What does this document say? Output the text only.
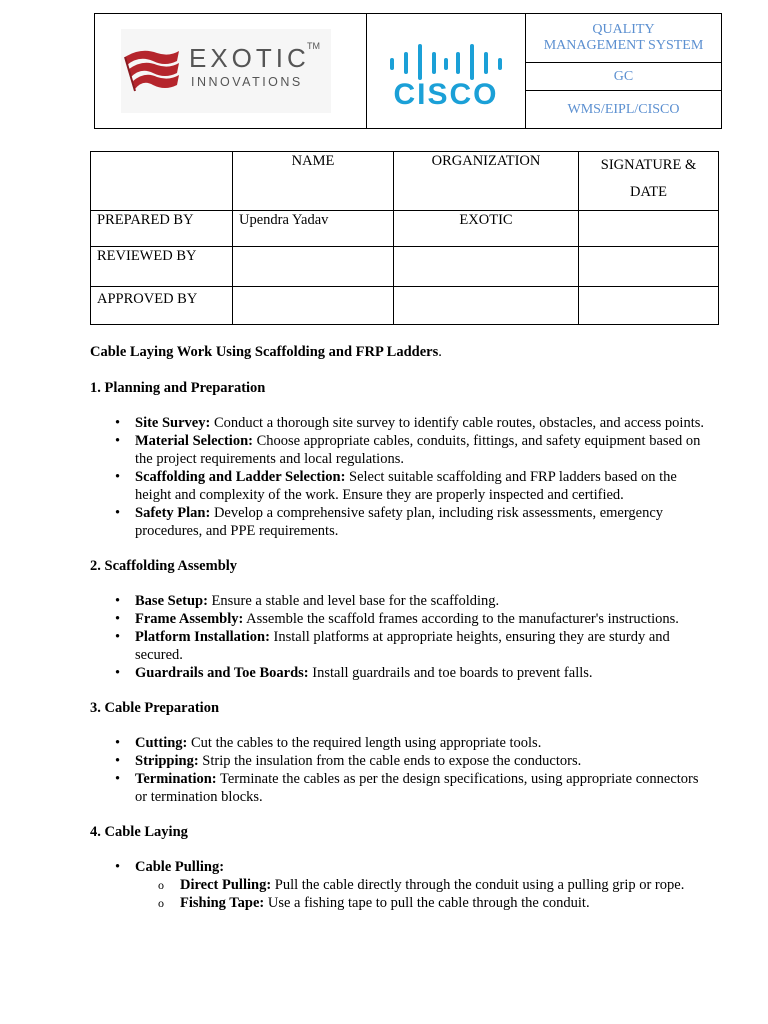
EXOTIC
TM
INNOVATIONS	CISCO

QUALITY
MANAGEMENT SYSTEM

GC
WMS/EIPL/CISCO
	NAME	ORGANIZATION	SIGNATURE &
DATE

PREPARED BY	Upendra Yadav	EXOTIC	
REVIEWED BY			
APPROVED BY			

Cable Laying Work Using Scaffolding and FRP Ladders.

1. Planning and Preparation
• Site Survey: Conduct a thorough site survey to identify cable routes, obstacles, and access points.
• Material Selection: Choose appropriate cables, conduits, fittings, and safety equipment based on the project requirements and local regulations.
• Scaffolding and Ladder Selection: Select suitable scaffolding and FRP ladders based on the height and complexity of the work. Ensure they are properly inspected and certified.
• Safety Plan: Develop a comprehensive safety plan, including risk assessments, emergency procedures, and PPE requirements.
2. Scaffolding Assembly
• Base Setup: Ensure a stable and level base for the scaffolding.
• Frame Assembly: Assemble the scaffold frames according to the manufacturer's instructions.
• Platform Installation: Install platforms at appropriate heights, ensuring they are sturdy and secured.
• Guardrails and Toe Boards: Install guardrails and toe boards to prevent falls.
3. Cable Preparation
• Cutting: Cut the cables to the required length using appropriate tools.
• Stripping: Strip the insulation from the cable ends to expose the conductors.
• Termination: Terminate the cables as per the design specifications, using appropriate connectors or termination blocks.
4. Cable Laying
• Cable Pulling:
o Direct Pulling: Pull the cable directly through the conduit using a pulling grip or rope.
o Fishing Tape: Use a fishing tape to pull the cable through the conduit.
